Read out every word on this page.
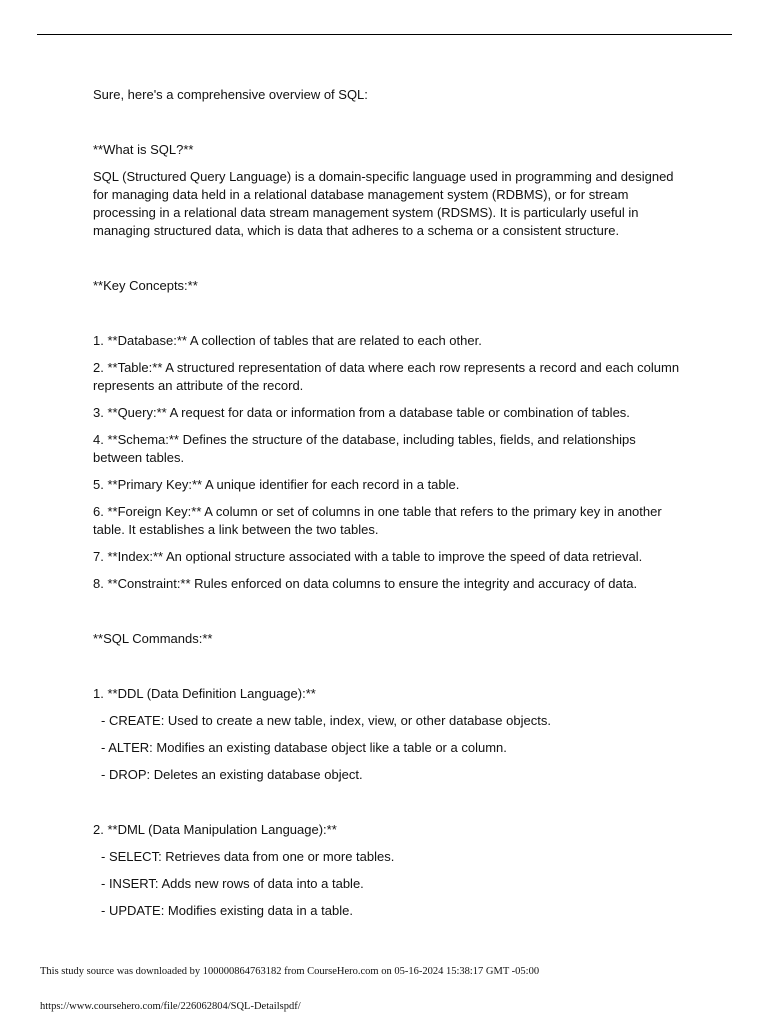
Sure, here's a comprehensive overview of SQL:

**What is SQL?**

SQL (Structured Query Language) is a domain-specific language used in programming and designed for managing data held in a relational database management system (RDBMS), or for stream processing in a relational data stream management system (RDSMS). It is particularly useful in managing structured data, which is data that adheres to a schema or a consistent structure.

**Key Concepts:**

1. **Database:** A collection of tables that are related to each other.

2. **Table:** A structured representation of data where each row represents a record and each column represents an attribute of the record.

3. **Query:** A request for data or information from a database table or combination of tables.

4. **Schema:** Defines the structure of the database, including tables, fields, and relationships between tables.

5. **Primary Key:** A unique identifier for each record in a table.

6. **Foreign Key:** A column or set of columns in one table that refers to the primary key in another table. It establishes a link between the two tables.

7. **Index:** An optional structure associated with a table to improve the speed of data retrieval.

8. **Constraint:** Rules enforced on data columns to ensure the integrity and accuracy of data.

**SQL Commands:**

1. **DDL (Data Definition Language):**

- CREATE: Used to create a new table, index, view, or other database objects.

- ALTER: Modifies an existing database object like a table or a column.

- DROP: Deletes an existing database object.

2. **DML (Data Manipulation Language):**

- SELECT: Retrieves data from one or more tables.

- INSERT: Adds new rows of data into a table.

- UPDATE: Modifies existing data in a table.

This study source was downloaded by 100000864763182 from CourseHero.com on 05-16-2024 15:38:17 GMT -05:00
https://www.coursehero.com/file/226062804/SQL-Detailspdf/
